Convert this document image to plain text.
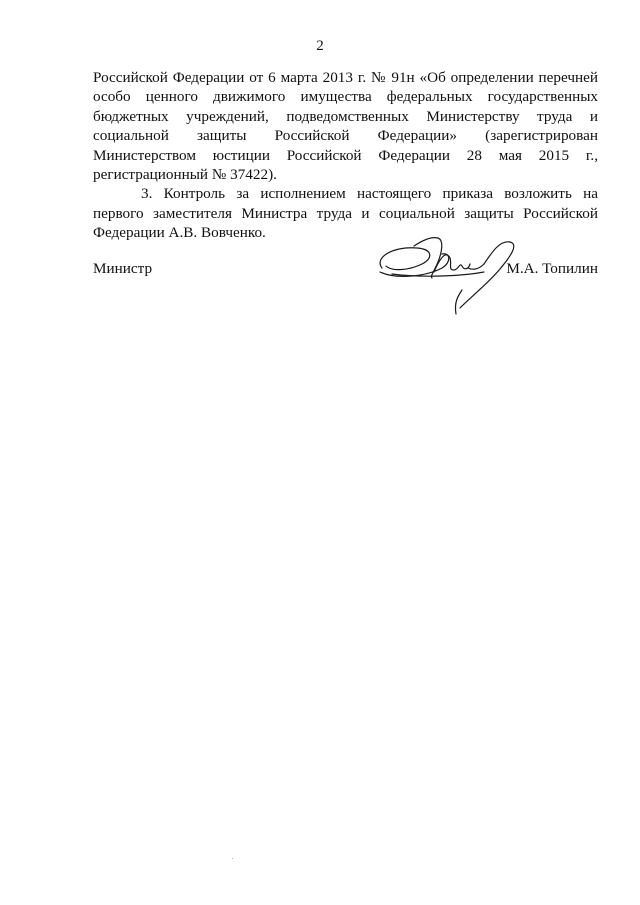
2

Российской Федерации от 6 марта 2013 г. № 91н «Об определении перечней особо ценного движимого имущества федеральных государственных бюджетных учреждений, подведомственных Министерству труда и социальной защиты Российской Федерации» (зарегистрирован Министерством юстиции Российской Федерации 28 мая 2015 г., регистрационный № 37422).

3. Контроль за исполнением настоящего приказа возложить на первого заместителя Министра труда и социальной защиты Российской Федерации А.В. Вовченко.

Министр	М.А. Топилин
